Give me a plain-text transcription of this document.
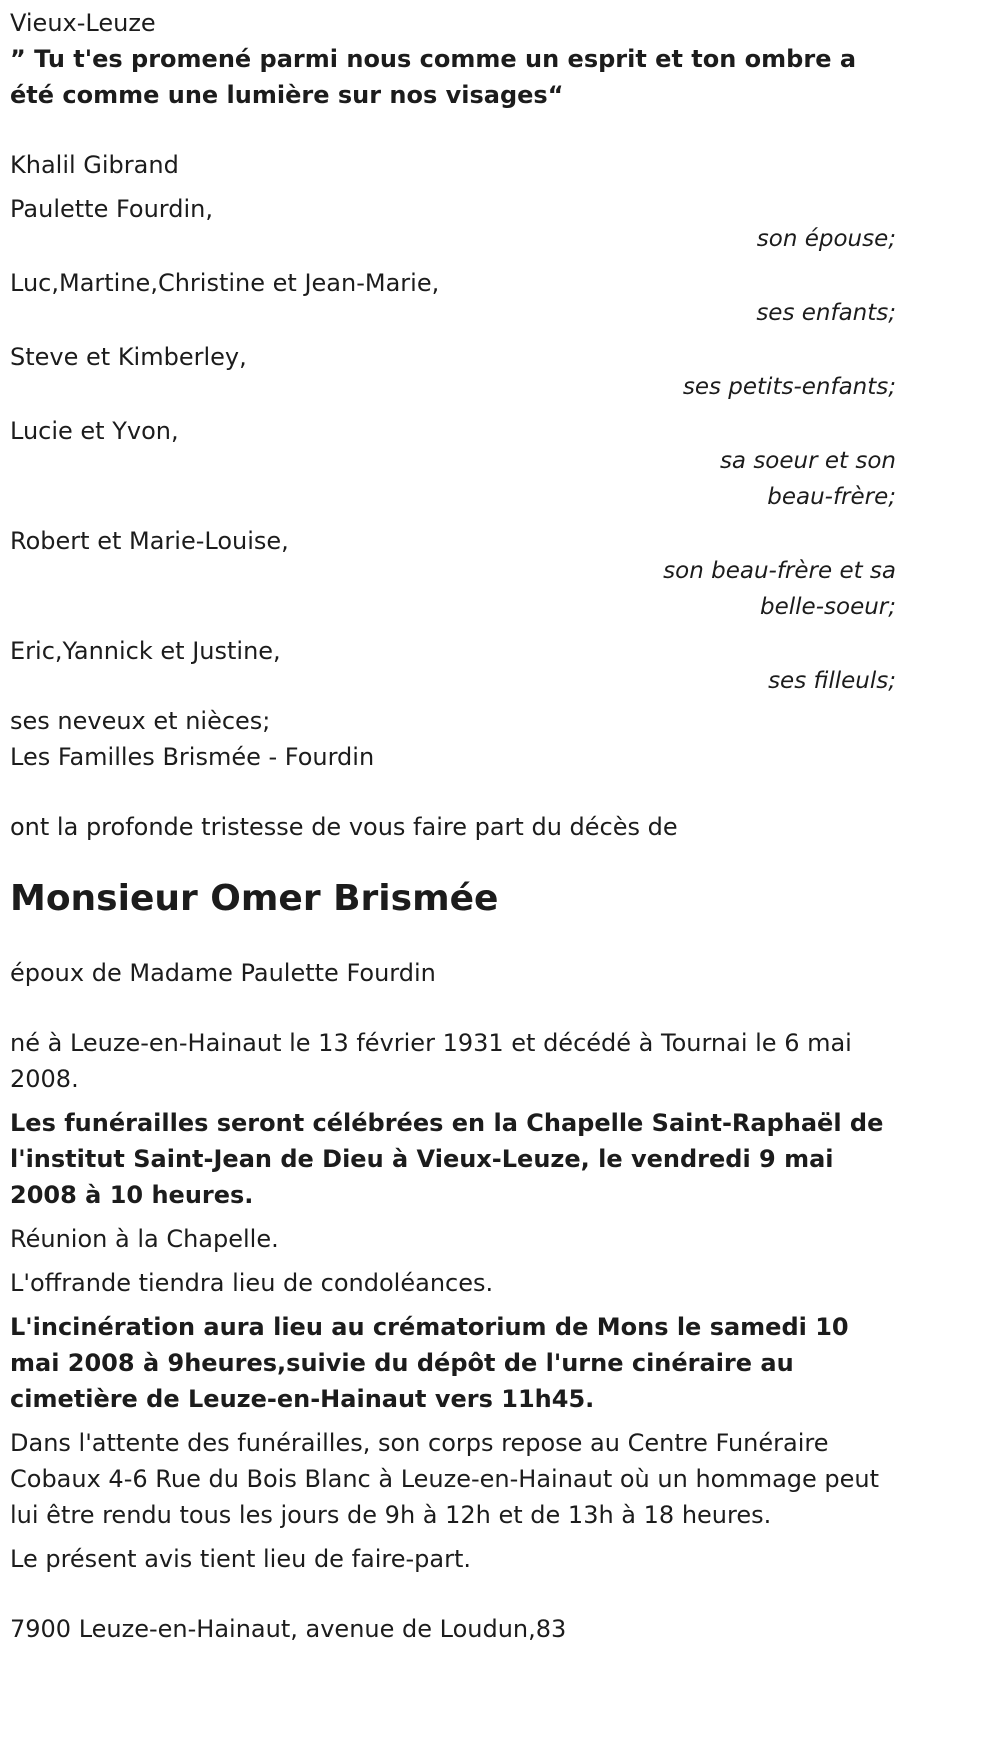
Vieux-Leuze

” Tu t'es promené parmi nous comme un esprit et ton ombre a été comme une lumière sur nos visages“

Khalil Gibrand

Paulette Fourdin,
son épouse;
Luc,Martine,Christine et Jean-Marie,
ses enfants;
Steve et Kimberley,
ses petits-enfants;
Lucie et Yvon,
sa soeur et son
beau-frère;
Robert et Marie-Louise,
son beau-frère et sa
belle-soeur;
Eric,Yannick et Justine,
ses filleuls;

ses neveux et nièces;

Les Familles Brismée - Fourdin

ont la profonde tristesse de vous faire part du décès de

Monsieur Omer Brismée

époux de Madame Paulette Fourdin

né à Leuze-en-Hainaut le 13 février 1931 et décédé à Tournai le 6 mai 2008.

Les funérailles seront célébrées en la Chapelle Saint-Raphaël de l'institut Saint-Jean de Dieu à Vieux-Leuze, le vendredi 9 mai 2008 à 10 heures.

Réunion à la Chapelle.

L'offrande tiendra lieu de condoléances.

L'incinération aura lieu au crématorium de Mons le samedi 10 mai 2008 à 9heures,suivie du dépôt de l'urne cinéraire au cimetière de Leuze-en-Hainaut vers 11h45.

Dans l'attente des funérailles, son corps repose au Centre Funéraire Cobaux 4-6 Rue du Bois Blanc à Leuze-en-Hainaut où un hommage peut lui être rendu tous les jours de 9h à 12h et de 13h à 18 heures.

Le présent avis tient lieu de faire-part.

7900 Leuze-en-Hainaut, avenue de Loudun,83
